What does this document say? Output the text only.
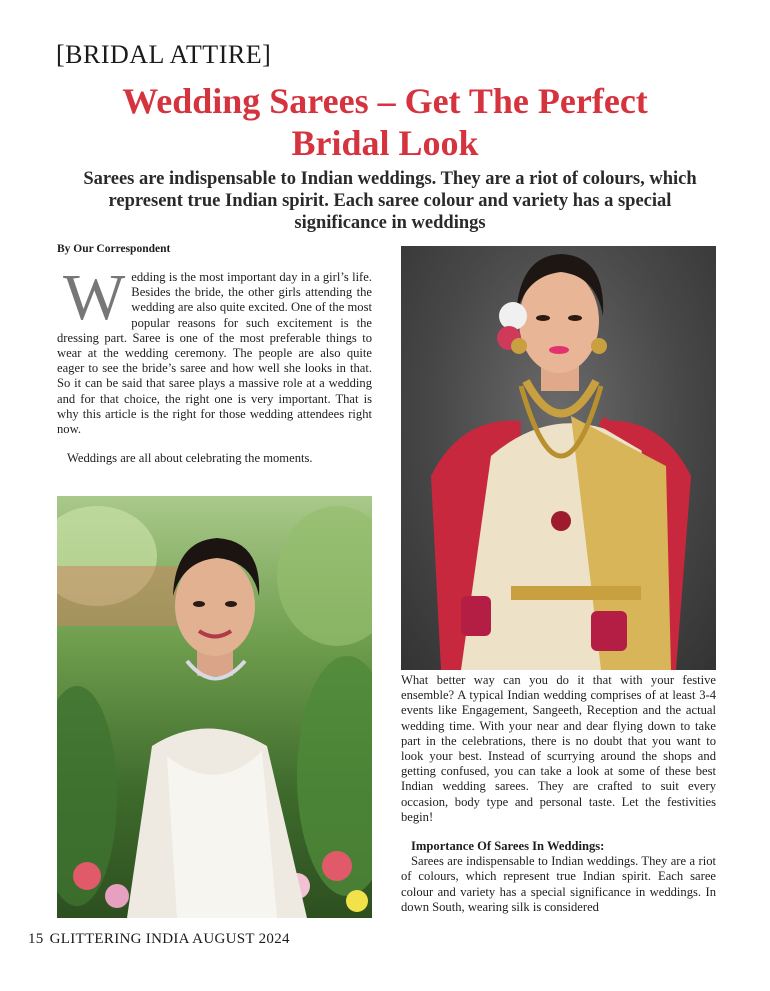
[BRIDAL ATTIRE]
Wedding Sarees – Get The Perfect
Bridal Look
Sarees are indispensable to Indian weddings. They are a riot of colours, which represent true Indian spirit. Each saree colour and variety has a special significance in weddings
By Our Correspondent

W edding is the most important day in a girl’s life. Besides the bride, the other girls attending the wedding are also quite excited. One of the most popular reasons for such excitement is the dressing part. Saree is one of the most preferable things to wear at the wedding ceremony. The people are also quite eager to see the bride’s saree and how well she looks in that. So it can be said that saree plays a massive role at a wedding and for that choice, the right one is very important. That is why this article is the right for those wedding attendees right now.

Weddings are all about celebrating the moments.

What better way can you do it that with your festive ensemble? A typical Indian wedding comprises of at least 3-4 events like Engagement, Sangeeth, Reception and the actual wedding time. With your near and dear flying down to take part in the celebrations, there is no doubt that you want to look your best. Instead of scurrying around the shops and getting confused, you can take a look at some of these best Indian wedding sarees. They are crafted to suit every occasion, body type and personal taste. Let the festivities begin!

Importance Of Sarees In Weddings:

Sarees are indispensable to Indian weddings. They are a riot of colours, which represent true Indian spirit. Each saree colour and variety has a special significance in weddings. In down South, wearing silk is considered

15 GLITTERING INDIA AUGUST 2024
